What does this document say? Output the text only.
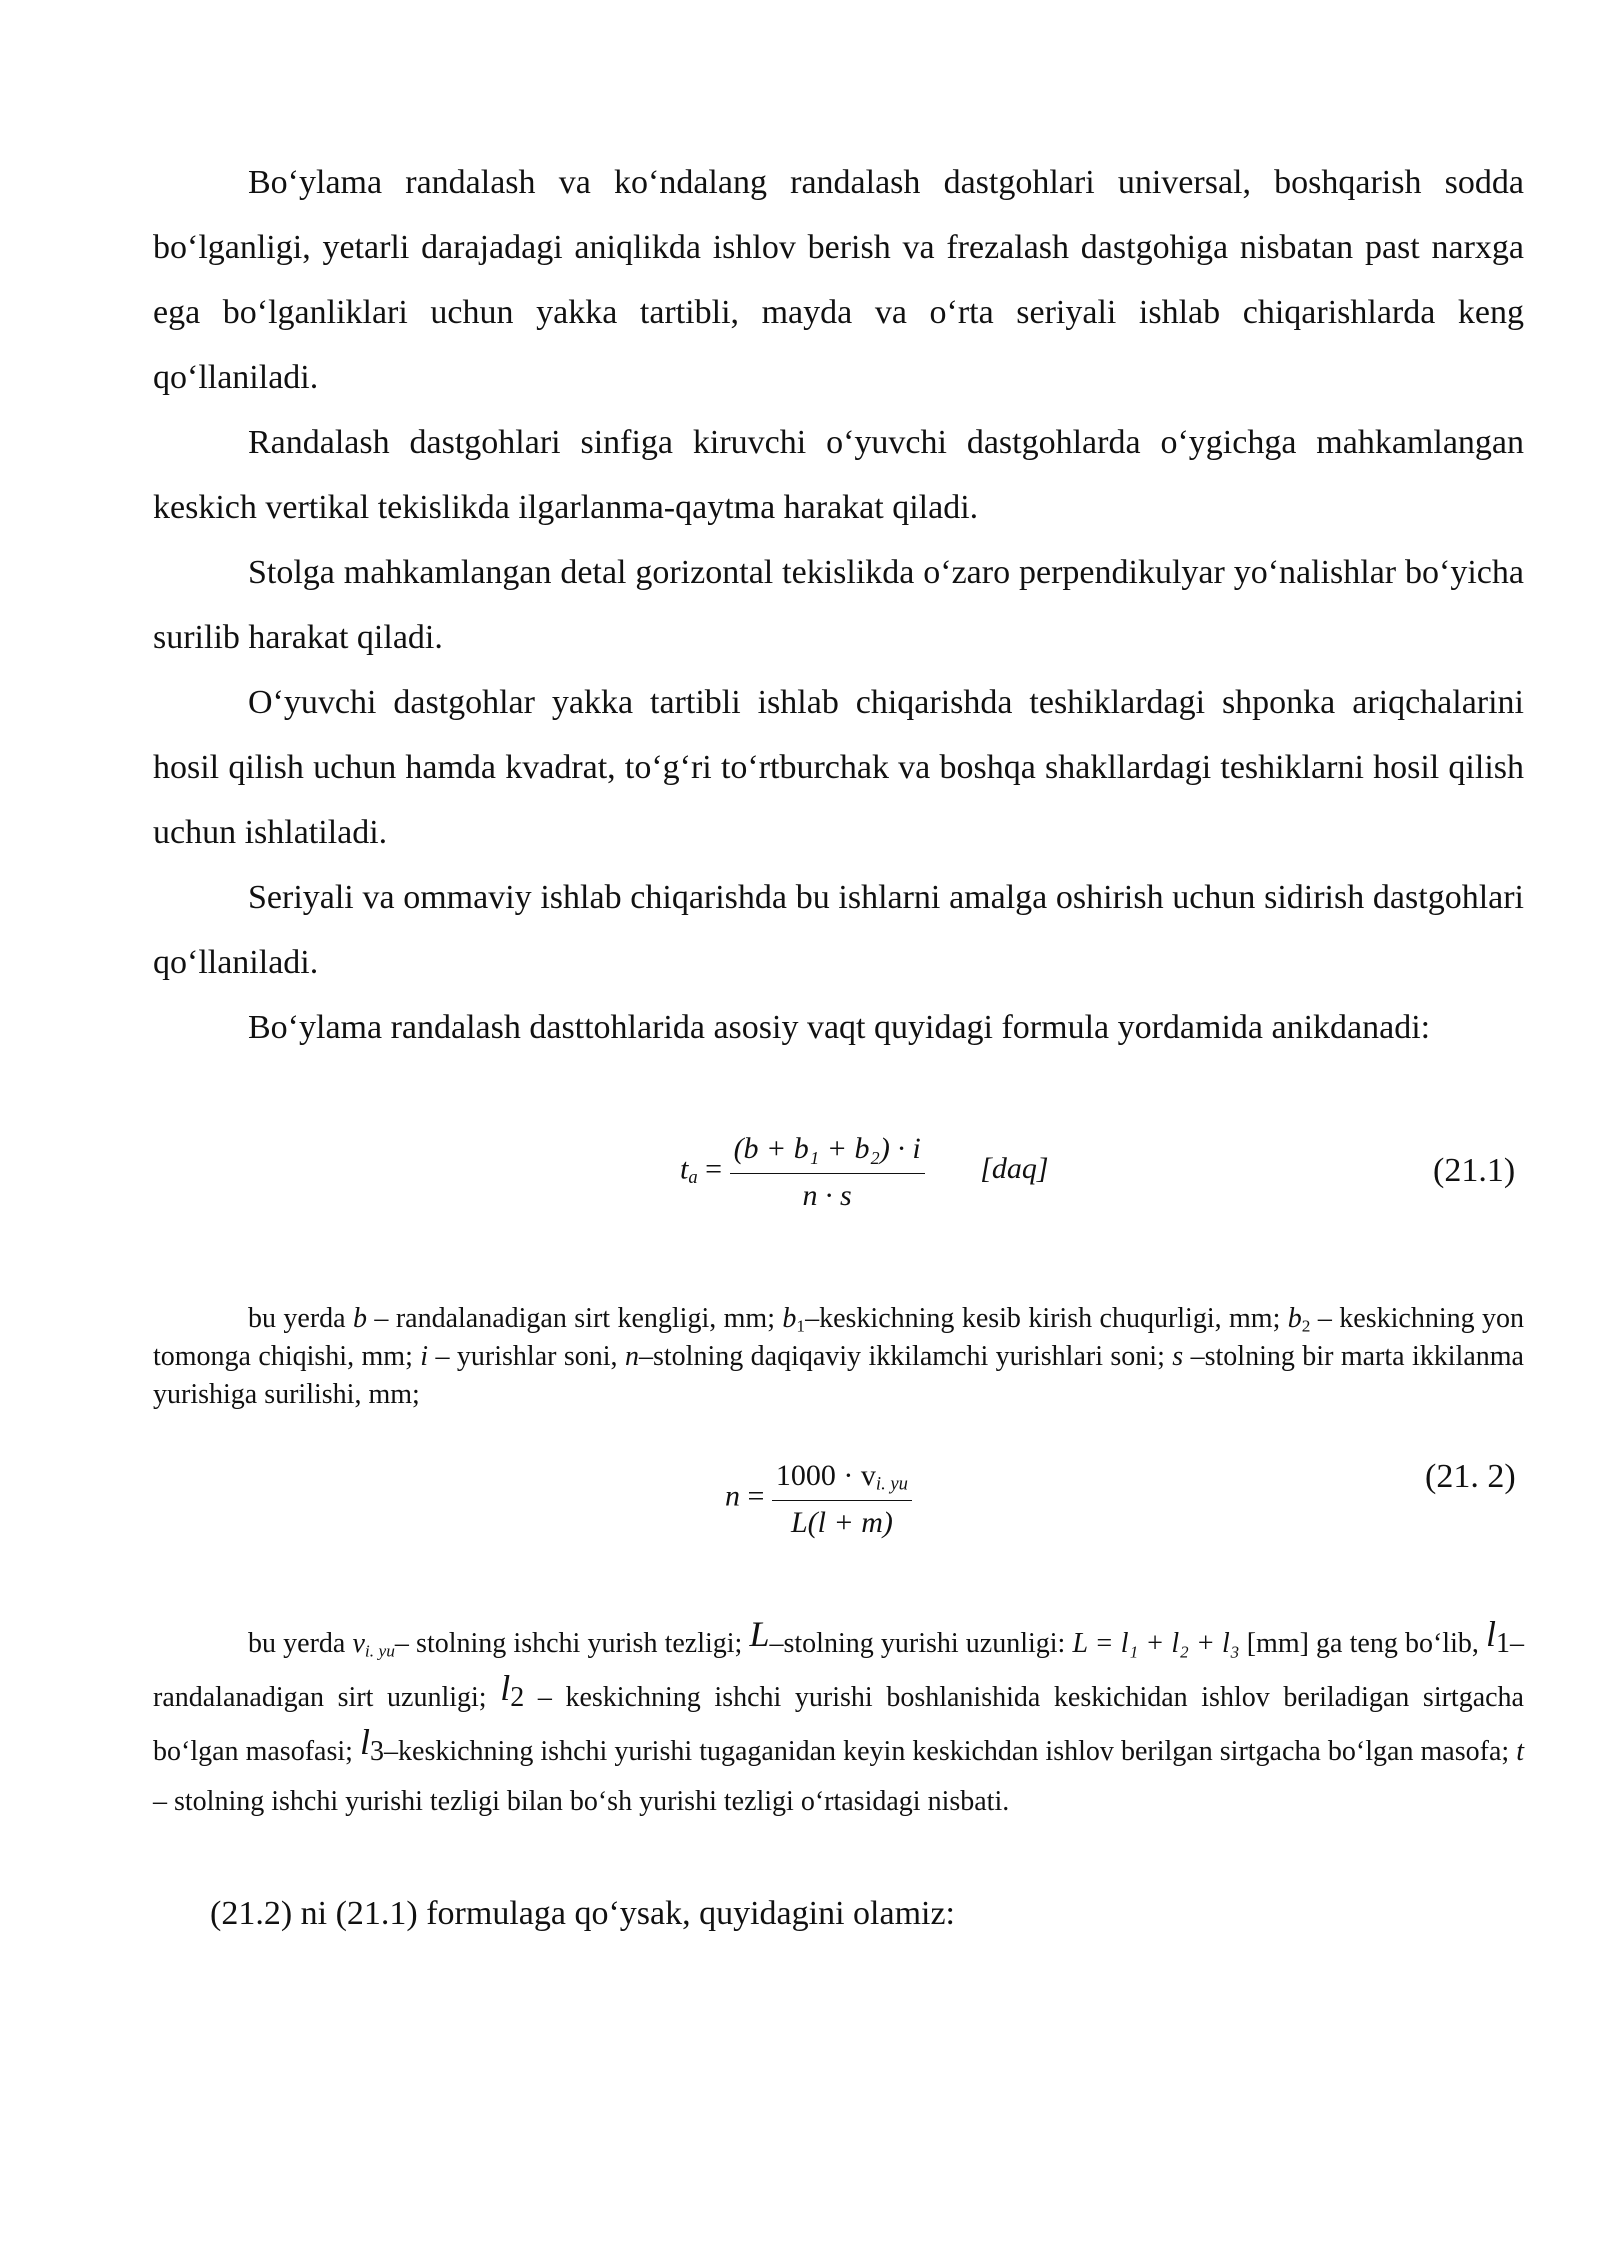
Bo‘ylama randalash va ko‘ndalang randalash dastgohlari universal, boshqarish sodda bo‘lganligi, yetarli darajadagi aniqlikda ishlov berish va frezalash dastgohiga nisbatan past narxga ega bo‘lganliklari uchun yakka tartibli, mayda va o‘rta seriyali ishlab chiqarishlarda keng qo‘llaniladi.

Randalash dastgohlari sinfiga kiruvchi o‘yuvchi dastgohlarda o‘ygichga mahkamlangan keskich vertikal tekislikda ilgarlanma-qaytma harakat qiladi.

Stolga mahkamlangan detal gorizontal tekislikda o‘zaro perpendikulyar yo‘nalishlar bo‘yicha surilib harakat qiladi.

O‘yuvchi dastgohlar yakka tartibli ishlab chiqarishda teshiklardagi shponka ariqchalarini hosil qilish uchun hamda kvadrat, to‘g‘ri to‘rtburchak va boshqa shakllardagi teshiklarni hosil qilish uchun ishlatiladi.

Seriyali va ommaviy ishlab chiqarishda bu ishlarni amalga oshirish uchun sidirish dastgohlari qo‘llaniladi.

Bo‘ylama randalash dasttohlarida asosiy vaqt quyidagi formula yordamida anikdanadi:

$t_a = \frac{\text{(b + b₁ + b₂) · i}}{n \cdot s} [daq]$	(21.1)

bu yerda b – randalanadigan sirt kengligi, mm; $b_1$–keskichning kesib kirish chuqurligi, mm; $b_2$ – keskichning yon tomonga chiqishi, mm; i – yurishlar soni, n–stolning daqiqaviy ikkilamchi yurishlari soni; s –stolning bir marta ikkilanma yurishiga surilishi, mm;

$n = \frac{1000 \cdot v_{i. yu}}{L(l + m)}$	(21. 2)

bu yerda $v_{i. yu}-$ stolning ishchi yurish tezligi; L–stolning yurishi uzunligi: L = l₁ + l₂ + l₃ [mm] ga teng bo‘lib, l1– randalanadigan sirt uzunligi; l2 – keskichning ishchi yurishi boshlanishida keskichidan ishlov beriladigan sirtgacha bo‘lgan masofasi; l3–keskichning ishchi yurishi tugaganidan keyin keskichdan ishlov berilgan sirtgacha bo‘lgan masofa; t – stolning ishchi yurishi tezligi bilan bo‘sh yurishi tezligi o‘rtasidagi nisbati.

(21.2) ni (21.1) formulaga qo‘ysak, quyidagini olamiz:
